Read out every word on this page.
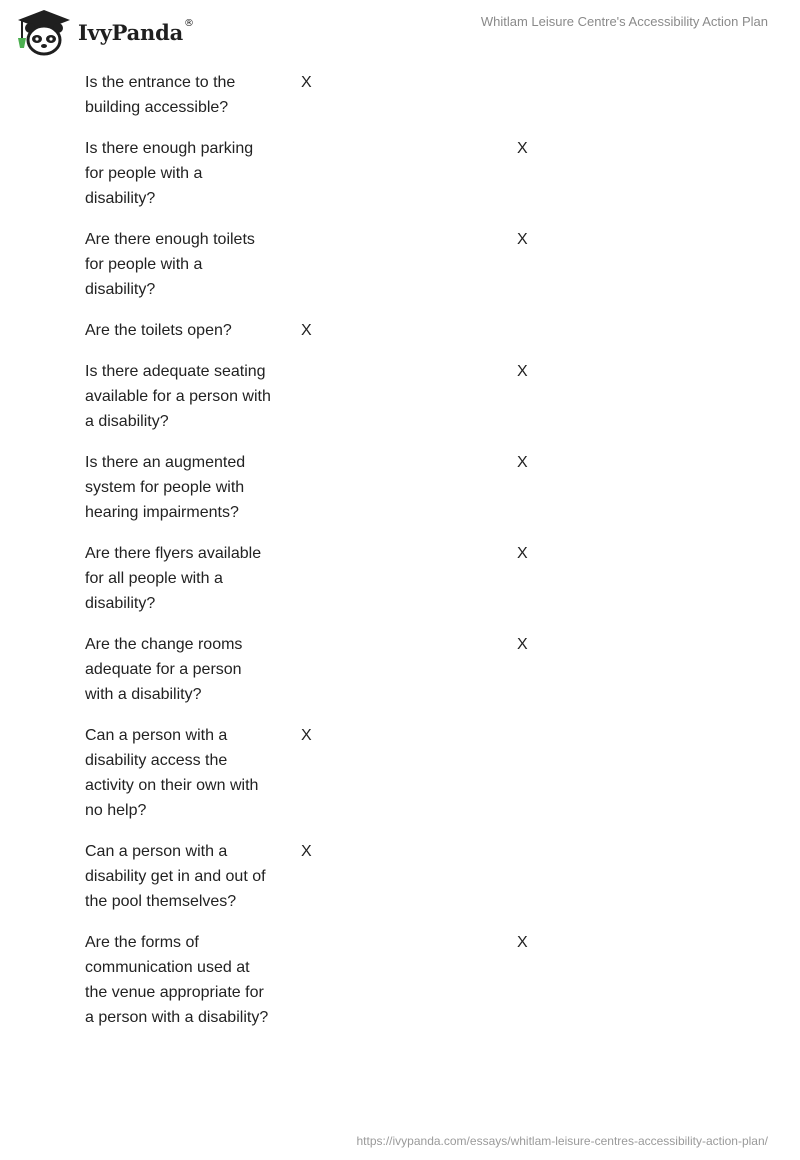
IvyPanda ®	Whitlam Leisure Centre's Accessibility Action Plan
Is the entrance to the
building accessible?
X
Is there enough parking
for people with a
disability?
X
Are there enough toilets
for people with a
disability?
X
Are the toilets open?	X
Is there adequate seating
available for a person with
a disability?
X
Is there an augmented
system for people with
hearing impairments?
X
Are there flyers available
for all people with a
disability?
X
Are the change rooms
adequate for a person
with a disability?
X
Can a person with a
disability access the
activity on their own with
no help?
X
Can a person with a
disability get in and out of
the pool themselves?
X
Are the forms of
communication used at
the venue appropriate for
a person with a disability?
X
https://ivypanda.com/essays/whitlam-leisure-centres-accessibility-action-plan/
